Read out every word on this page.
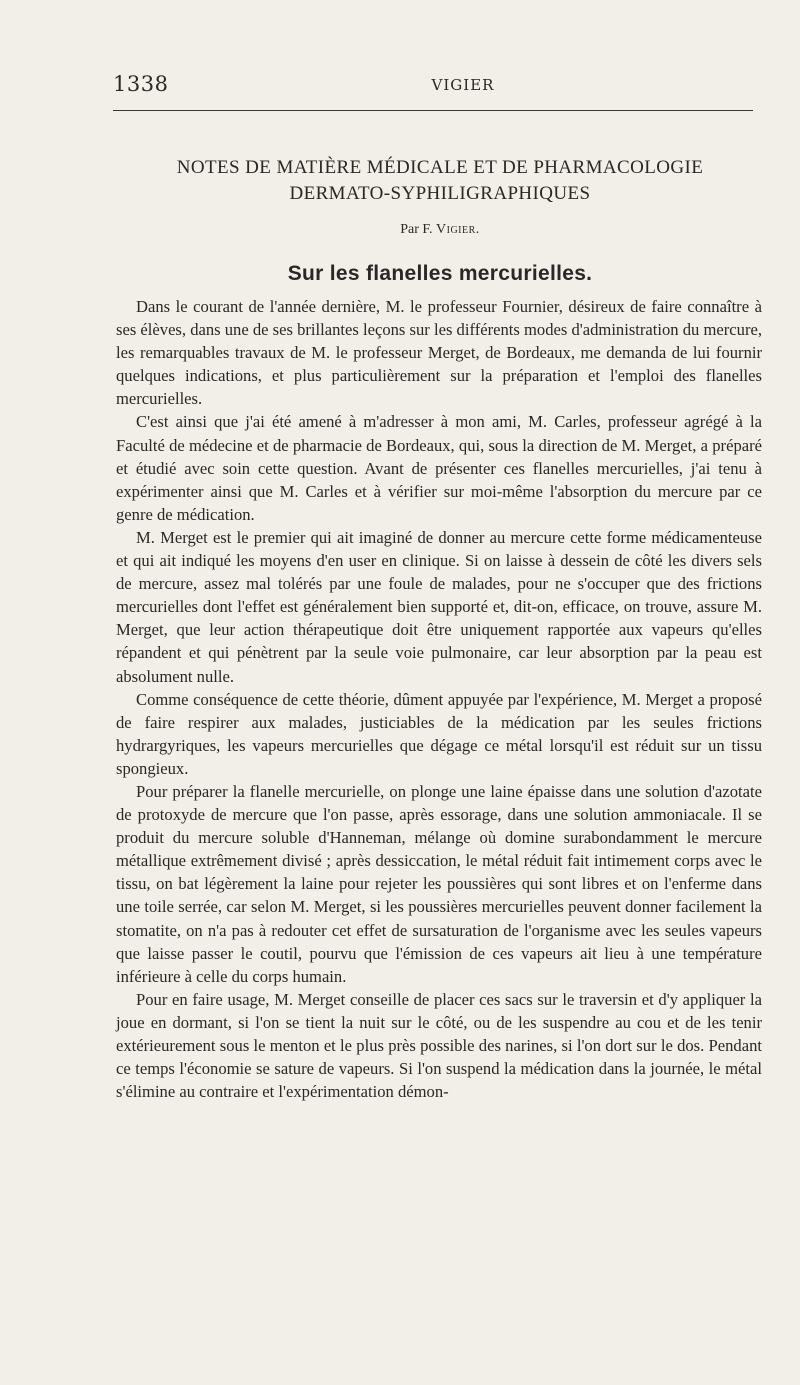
1338	VIGIER
NOTES DE MATIÈRE MÉDICALE ET DE PHARMACOLOGIE
DERMATO-SYPHILIGRAPHIQUES
Par F. Vigier.
Sur les flanelles mercurielles.

Dans le courant de l'année dernière, M. le professeur Fournier, désireux de faire connaître à ses élèves, dans une de ses brillantes leçons sur les différents modes d'administration du mercure, les remarquables travaux de M. le professeur Merget, de Bordeaux, me demanda de lui fournir quelques indications, et plus particulièrement sur la préparation et l'emploi des flanelles mercurielles.

C'est ainsi que j'ai été amené à m'adresser à mon ami, M. Carles, professeur agrégé à la Faculté de médecine et de pharmacie de Bordeaux, qui, sous la direction de M. Merget, a préparé et étudié avec soin cette question. Avant de présenter ces flanelles mercurielles, j'ai tenu à expérimenter ainsi que M. Carles et à vérifier sur moi-même l'absorption du mercure par ce genre de médication.

M. Merget est le premier qui ait imaginé de donner au mercure cette forme médicamenteuse et qui ait indiqué les moyens d'en user en clinique. Si on laisse à dessein de côté les divers sels de mercure, assez mal tolérés par une foule de malades, pour ne s'occuper que des frictions mercurielles dont l'effet est généralement bien supporté et, dit-on, efficace, on trouve, assure M. Merget, que leur action thérapeutique doit être uniquement rapportée aux vapeurs qu'elles répandent et qui pénètrent par la seule voie pulmonaire, car leur absorption par la peau est absolument nulle.

Comme conséquence de cette théorie, dûment appuyée par l'expérience, M. Merget a proposé de faire respirer aux malades, justiciables de la médication par les seules frictions hydrargyriques, les vapeurs mercurielles que dégage ce métal lorsqu'il est réduit sur un tissu spongieux.

Pour préparer la flanelle mercurielle, on plonge une laine épaisse dans une solution d'azotate de protoxyde de mercure que l'on passe, après essorage, dans une solution ammoniacale. Il se produit du mercure soluble d'Hanneman, mélange où domine surabondamment le mercure métallique extrêmement divisé ; après dessiccation, le métal réduit fait intimement corps avec le tissu, on bat légèrement la laine pour rejeter les poussières qui sont libres et on l'enferme dans une toile serrée, car selon M. Merget, si les poussières mercurielles peuvent donner facilement la stomatite, on n'a pas à redouter cet effet de sursaturation de l'organisme avec les seules vapeurs que laisse passer le coutil, pourvu que l'émission de ces vapeurs ait lieu à une température inférieure à celle du corps humain.

Pour en faire usage, M. Merget conseille de placer ces sacs sur le traversin et d'y appliquer la joue en dormant, si l'on se tient la nuit sur le côté, ou de les suspendre au cou et de les tenir extérieurement sous le menton et le plus près possible des narines, si l'on dort sur le dos. Pendant ce temps l'économie se sature de vapeurs. Si l'on suspend la médication dans la journée, le métal s'élimine au contraire et l'expérimentation démon-
